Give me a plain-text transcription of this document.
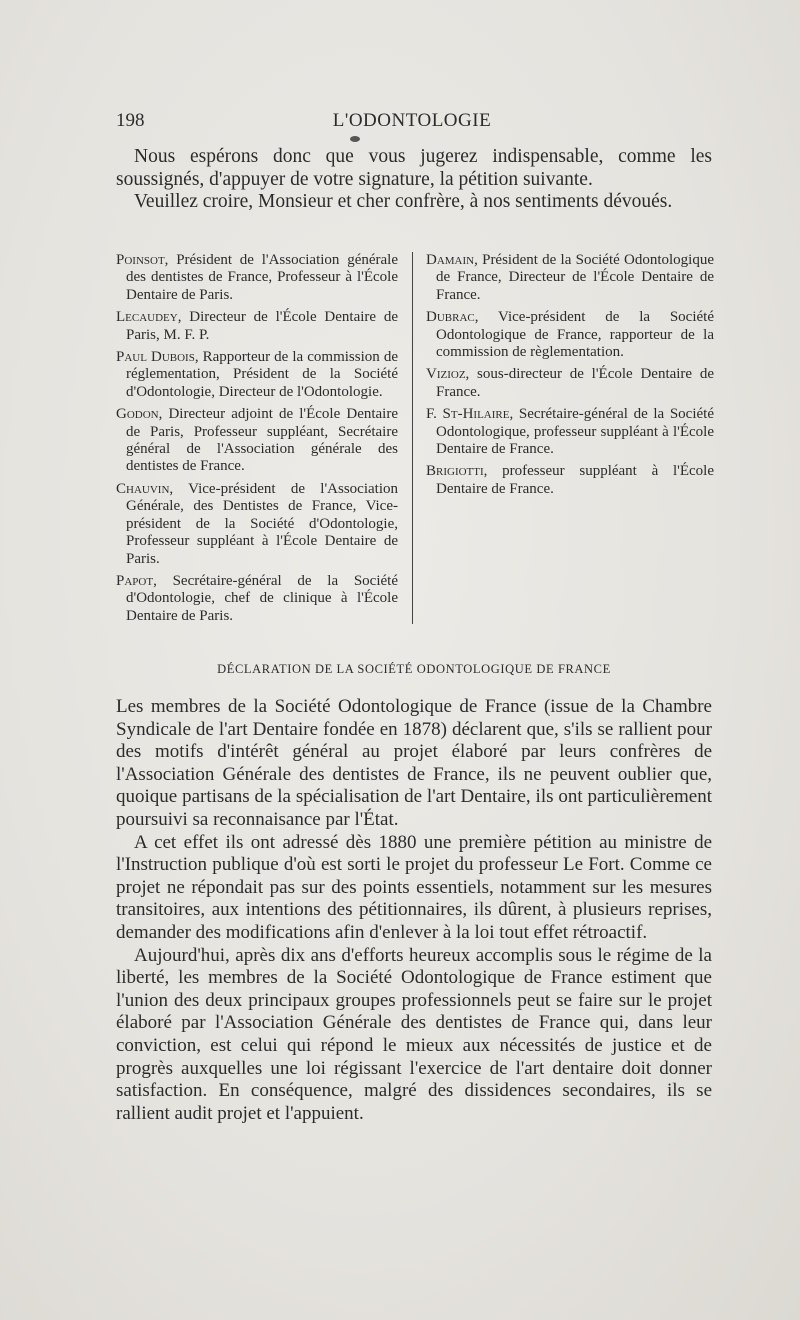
198	L'ODONTOLOGIE

Nous espérons donc que vous jugerez indispensable, comme les soussignés, d'appuyer de votre signature, la pétition suivante.

Veuillez croire, Monsieur et cher confrère, à nos sentiments dévoués.

Poinsot, Président de l'Association générale des dentistes de France, Professeur à l'École Dentaire de Paris.

Lecaudey, Directeur de l'École Dentaire de Paris, M. F. P.

Paul Dubois, Rapporteur de la commission de réglementation, Président de la Société d'Odontologie, Directeur de l'Odontologie.

Godon, Directeur adjoint de l'École Dentaire de Paris, Professeur suppléant, Secrétaire général de l'Association générale des dentistes de France.

Chauvin, Vice-président de l'Association Générale, des Dentistes de France, Vice-président de la Société d'Odontologie, Professeur suppléant à l'École Dentaire de Paris.

Papot, Secrétaire-général de la Société d'Odontologie, chef de clinique à l'École Dentaire de Paris.

Damain, Président de la Société Odontologique de France, Directeur de l'École Dentaire de France.

Dubrac, Vice-président de la Société Odontologique de France, rapporteur de la commission de règlementation.

Vizioz, sous-directeur de l'École Dentaire de France.

F. St-Hilaire, Secrétaire-général de la Société Odontologique, professeur suppléant à l'École Dentaire de France.

Brigiotti, professeur suppléant à l'École Dentaire de France.

DÉCLARATION DE LA SOCIÉTÉ ODONTOLOGIQUE DE FRANCE

Les membres de la Société Odontologique de France (issue de la Chambre Syndicale de l'art Dentaire fondée en 1878) déclarent que, s'ils se rallient pour des motifs d'intérêt général au projet élaboré par leurs confrères de l'Association Générale des dentistes de France, ils ne peuvent oublier que, quoique partisans de la spécialisation de l'art Dentaire, ils ont particulièrement poursuivi sa reconnaisance par l'État.

A cet effet ils ont adressé dès 1880 une première pétition au ministre de l'Instruction publique d'où est sorti le projet du professeur Le Fort. Comme ce projet ne répondait pas sur des points essentiels, notamment sur les mesures transitoires, aux intentions des pétitionnaires, ils dûrent, à plusieurs reprises, demander des modifications afin d'enlever à la loi tout effet rétroactif.

Aujourd'hui, après dix ans d'efforts heureux accomplis sous le régime de la liberté, les membres de la Société Odontologique de France estiment que l'union des deux principaux groupes professionnels peut se faire sur le projet élaboré par l'Association Générale des dentistes de France qui, dans leur conviction, est celui qui répond le mieux aux nécessités de justice et de progrès auxquelles une loi régissant l'exercice de l'art dentaire doit donner satisfaction. En conséquence, malgré des dissidences secondaires, ils se rallient audit projet et l'appuient.
